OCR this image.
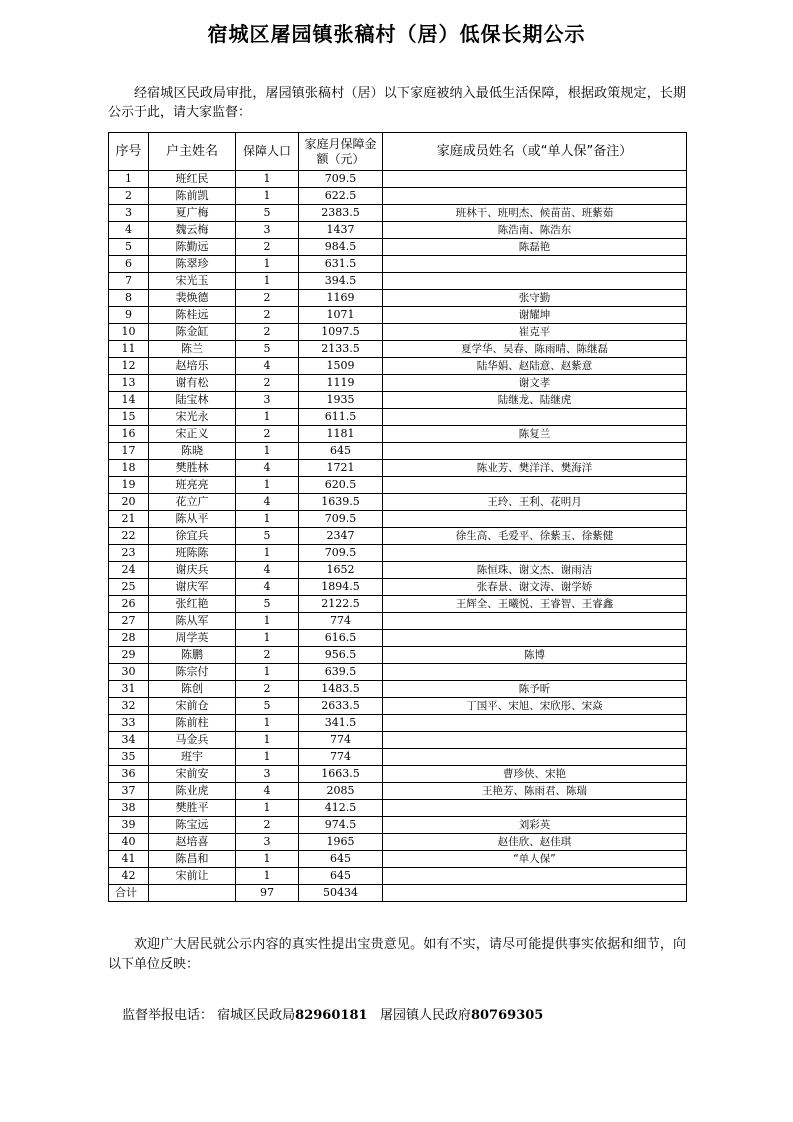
宿城区屠园镇张稿村（居）低保长期公示
经宿城区民政局审批，屠园镇张稿村（居）以下家庭被纳入最低生活保障，根据政策规定，长期公示于此，请大家监督：
序号	户主姓名	保障人口	家庭月保障金额（元）	家庭成员姓名（或“单人保”备注）
1	班红民	1	709.5	
2	陈前凯	1	622.5	
3	夏广梅	5	2383.5	班林干、班明杰、候苗苗、班紫茹
4	魏云梅	3	1437	陈浩南、陈浩东
5	陈勤远	2	984.5	陈磊艳
6	陈翠珍	1	631.5	
7	宋光玉	1	394.5	
8	裴焕德	2	1169	张守勤
9	陈桂远	2	1071	谢耀坤
10	陈金缸	2	1097.5	崔克平
11	陈兰	5	2133.5	夏学华、吴春、陈雨晴、陈继磊
12	赵培乐	4	1509	陆华娟、赵陆意、赵紫意
13	谢有松	2	1119	谢文孝
14	陆宝林	3	1935	陆继龙、陆继虎
15	宋光永	1	611.5	
16	宋正义	2	1181	陈复兰
17	陈晓	1	645	
18	樊胜林	4	1721	陈业芳、樊洋洋、樊海洋
19	班亮亮	1	620.5	
20	花立广	4	1639.5	王玲、王利、花明月
21	陈从平	1	709.5	
22	徐宜兵	5	2347	徐生高、毛爱平、徐紫玉、徐紫健
23	班陈陈	1	709.5	
24	谢庆兵	4	1652	陈恒珠、谢文杰、谢雨洁
25	谢庆军	4	1894.5	张春景、谢文涛、谢学娇
26	张红艳	5	2122.5	王辉全、王曦悦、王睿智、王睿鑫
27	陈从军	1	774	
28	周学英	1	616.5	
29	陈鹏	2	956.5	陈博
30	陈宗付	1	639.5	
31	陈创	2	1483.5	陈予昕
32	宋前仓	5	2633.5	丁国平、宋旭、宋欣彤、宋焱
33	陈前柱	1	341.5	
34	马金兵	1	774	
35	班宇	1	774	
36	宋前安	3	1663.5	曹珍侠、宋艳
37	陈业虎	4	2085	王艳芳、陈雨君、陈瑞
38	樊胜平	1	412.5	
39	陈宝远	2	974.5	刘彩英
40	赵培喜	3	1965	赵佳欣、赵佳琪
41	陈昌和	1	645	“单人保”
42	宋前让	1	645	
合计		97	50434	
欢迎广大居民就公示内容的真实性提出宝贵意见。如有不实，请尽可能提供事实依据和细节，向以下单位反映：
监督举报电话： 宿城区民政局82960181 屠园镇人民政府80769305
